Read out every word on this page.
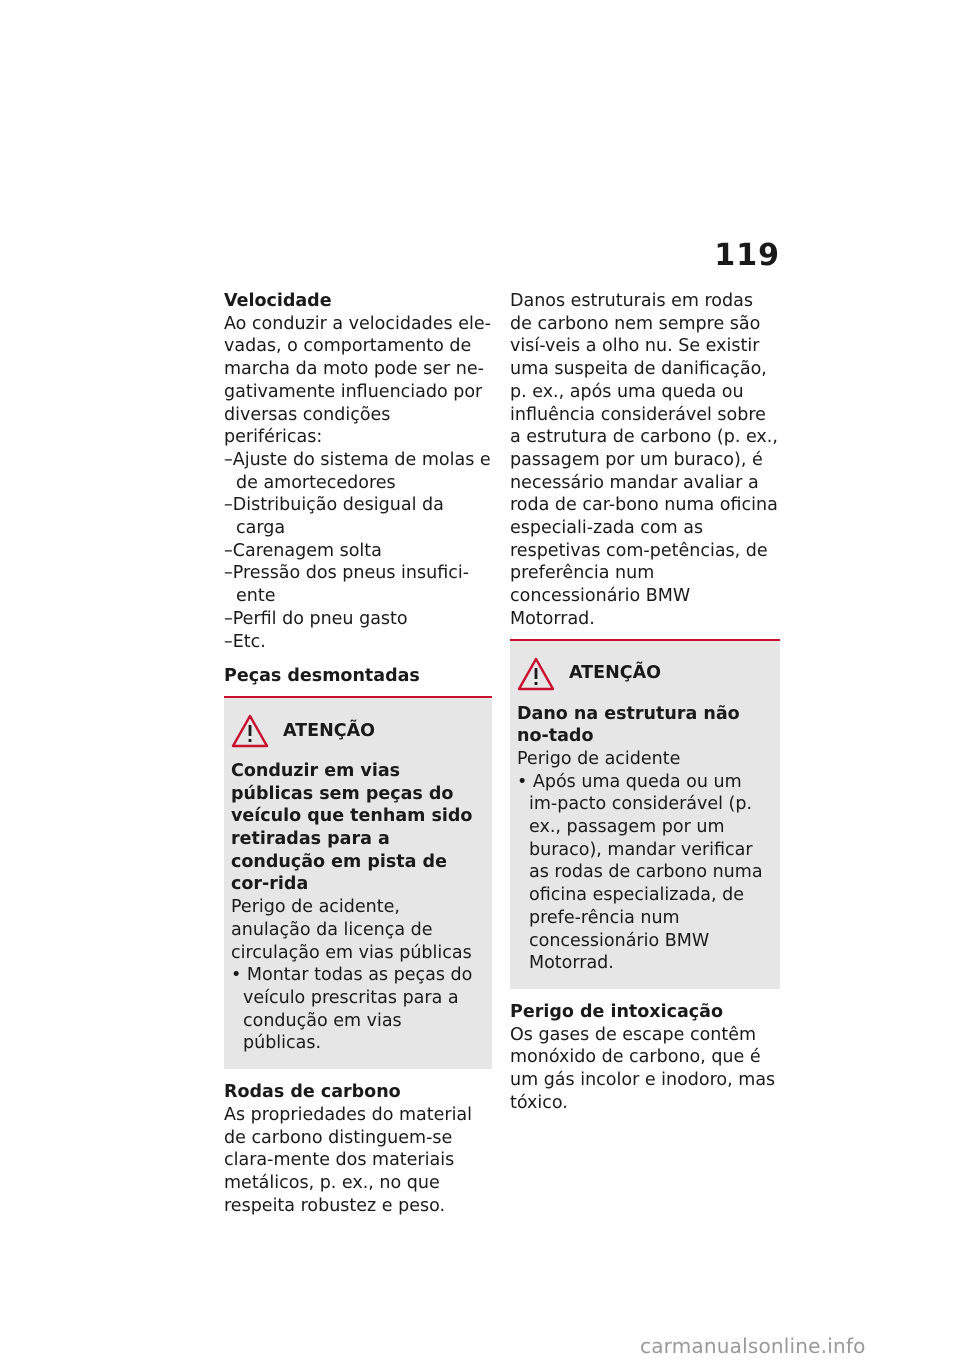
119

Velocidade

Ao conduzir a velocidades ele-vadas, o comportamento de marcha da moto pode ser ne-gativamente influenciado por diversas condições periféricas:

–Ajuste do sistema de molas e de amortecedores

–Distribuição desigual da carga

–Carenagem solta

–Pressão dos pneus insufici-ente

–Perfil do pneu gasto

–Etc.

Peças desmontadas

ATENÇÃO

Conduzir em vias públicas sem peças do veículo que tenham sido retiradas para a condução em pista de cor-rida

Perigo de acidente, anulação da licença de circulação em vias públicas

• Montar todas as peças do veículo prescritas para a condução em vias públicas.

Rodas de carbono

As propriedades do material de carbono distinguem-se clara-mente dos materiais metálicos, p. ex., no que respeita robustez e peso.

Danos estruturais em rodas de carbono nem sempre são visí-veis a olho nu. Se existir uma suspeita de danificação, p. ex., após uma queda ou influência considerável sobre a estrutura de carbono (p. ex., passagem por um buraco), é necessário mandar avaliar a roda de car-bono numa oficina especiali-zada com as respetivas com-petências, de preferência num concessionário BMW Motorrad.

ATENÇÃO

Dano na estrutura não no-tado

Perigo de acidente

• Após uma queda ou um im-pacto considerável (p. ex., passagem por um buraco), mandar verificar as rodas de carbono numa oficina especializada, de prefe-rência num concessionário BMW Motorrad.

Perigo de intoxicação

Os gases de escape contêm monóxido de carbono, que é um gás incolor e inodoro, mas tóxico.

carmanualsonline.info
